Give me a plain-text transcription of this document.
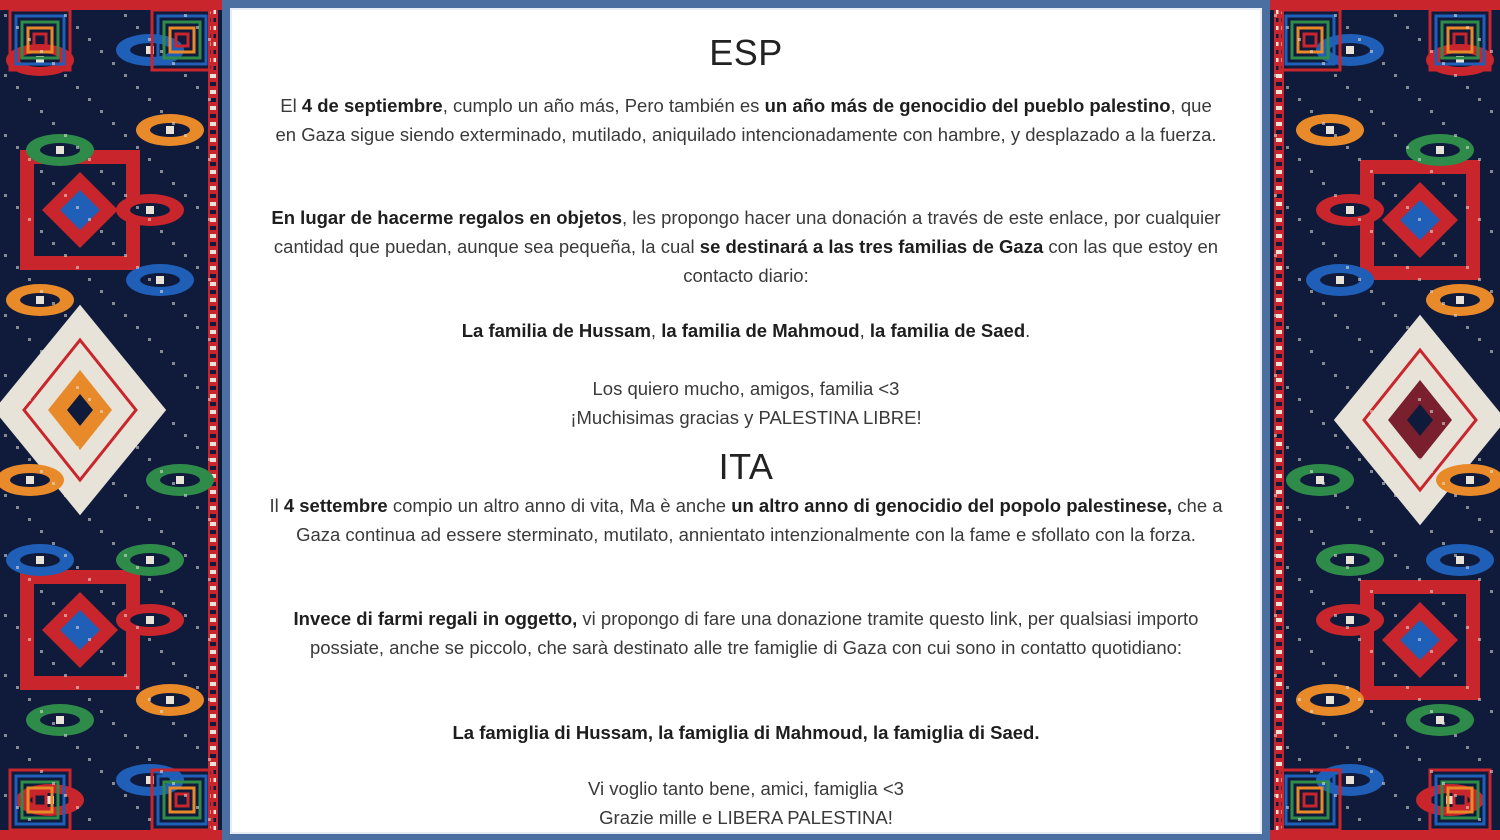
ESP

El 4 de septiembre, cumplo un año más, Pero también es un año más de genocidio del pueblo palestino, que en Gaza sigue siendo exterminado, mutilado, aniquilado intencionadamente con hambre, y desplazado a la fuerza.

En lugar de hacerme regalos en objetos, les propongo hacer una donación a través de este enlace, por cualquier cantidad que puedan, aunque sea pequeña, la cual se destinará a las tres familias de Gaza con las que estoy en contacto diario:

La familia de Hussam, la familia de Mahmoud, la familia de Saed.

Los quiero mucho, amigos, familia <3
¡Muchisimas gracias y PALESTINA LIBRE!

ITA

Il 4 settembre compio un altro anno di vita, Ma è anche un altro anno di genocidio del popolo palestinese, che a Gaza continua ad essere sterminato, mutilato, annientato intenzionalmente con la fame e sfollato con la forza.

Invece di farmi regali in oggetto, vi propongo di fare una donazione tramite questo link, per qualsiasi importo possiate, anche se piccolo, che sarà destinato alle tre famiglie di Gaza con cui sono in contatto quotidiano:

La famiglia di Hussam, la famiglia di Mahmoud, la famiglia di Saed.

Vi voglio tanto bene, amici, famiglia <3
Grazie mille e LIBERA PALESTINA!
